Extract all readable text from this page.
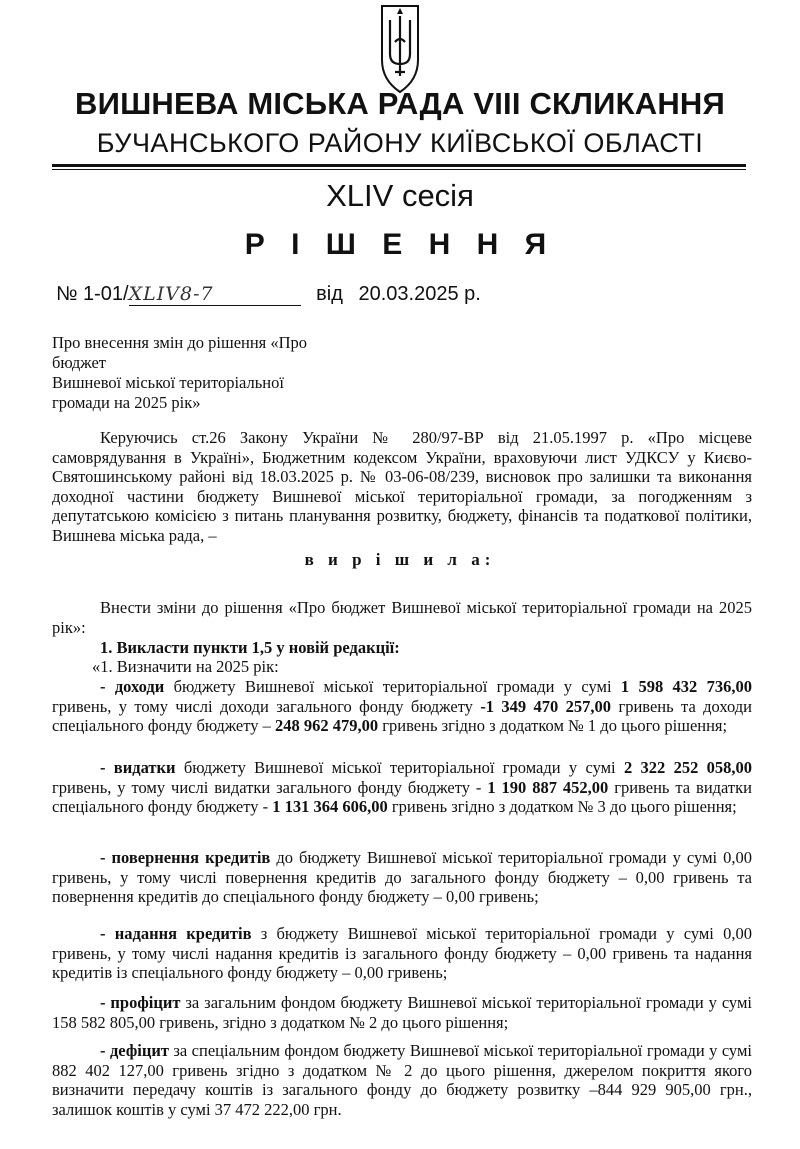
ВИШНЕВА МІСЬКА РАДА VIII СКЛИКАННЯ
БУЧАНСЬКОГО РАЙОНУ КИЇВСЬКОЇ ОБЛАСТІ
XLIV сесія
Р І Ш Е Н Н Я
№ 1-01/XLIV8-7	від 20.03.2025 р.
Про внесення змін до рішення «Про бюджет
Вишневої міської територіальної
громади на 2025 рік»
Керуючись ст.26 Закону України № 280/97-ВР від 21.05.1997 р. «Про місцеве самоврядування в Україні», Бюджетним кодексом України, враховуючи лист УДКСУ у Києво-Святошинському районі від 18.03.2025 р. № 03-06-08/239, висновок про залишки та виконання доходної частини бюджету Вишневої міської територіальної громади, за погодженням з депутатською комісією з питань планування розвитку, бюджету, фінансів та податкової політики, Вишнева міська рада, –
в и р і ш и л а:
Внести зміни до рішення «Про бюджет Вишневої міської територіальної громади на 2025 рік»:
1. Викласти пункти 1,5 у новій редакції:
«1. Визначити на 2025 рік:
- доходи бюджету Вишневої міської територіальної громади у сумі 1 598 432 736,00 гривень, у тому числі доходи загального фонду бюджету -1 349 470 257,00 гривень та доходи спеціального фонду бюджету – 248 962 479,00 гривень згідно з додатком № 1 до цього рішення;
- видатки бюджету Вишневої міської територіальної громади у сумі 2 322 252 058,00 гривень, у тому числі видатки загального фонду бюджету - 1 190 887 452,00 гривень та видатки спеціального фонду бюджету - 1 131 364 606,00 гривень згідно з додатком № 3 до цього рішення;
- повернення кредитів до бюджету Вишневої міської територіальної громади у сумі 0,00 гривень, у тому числі повернення кредитів до загального фонду бюджету – 0,00 гривень та повернення кредитів до спеціального фонду бюджету – 0,00 гривень;
- надання кредитів з бюджету Вишневої міської територіальної громади у сумі 0,00 гривень, у тому числі надання кредитів із загального фонду бюджету – 0,00 гривень та надання кредитів із спеціального фонду бюджету – 0,00 гривень;
- профіцит за загальним фондом бюджету Вишневої міської територіальної громади у сумі 158 582 805,00 гривень, згідно з додатком № 2 до цього рішення;
- дефіцит за спеціальним фондом бюджету Вишневої міської територіальної громади у сумі 882 402 127,00 гривень згідно з додатком № 2 до цього рішення, джерелом покриття якого визначити передачу коштів із загального фонду до бюджету розвитку –844 929 905,00 грн., залишок коштів у сумі 37 472 222,00 грн.
